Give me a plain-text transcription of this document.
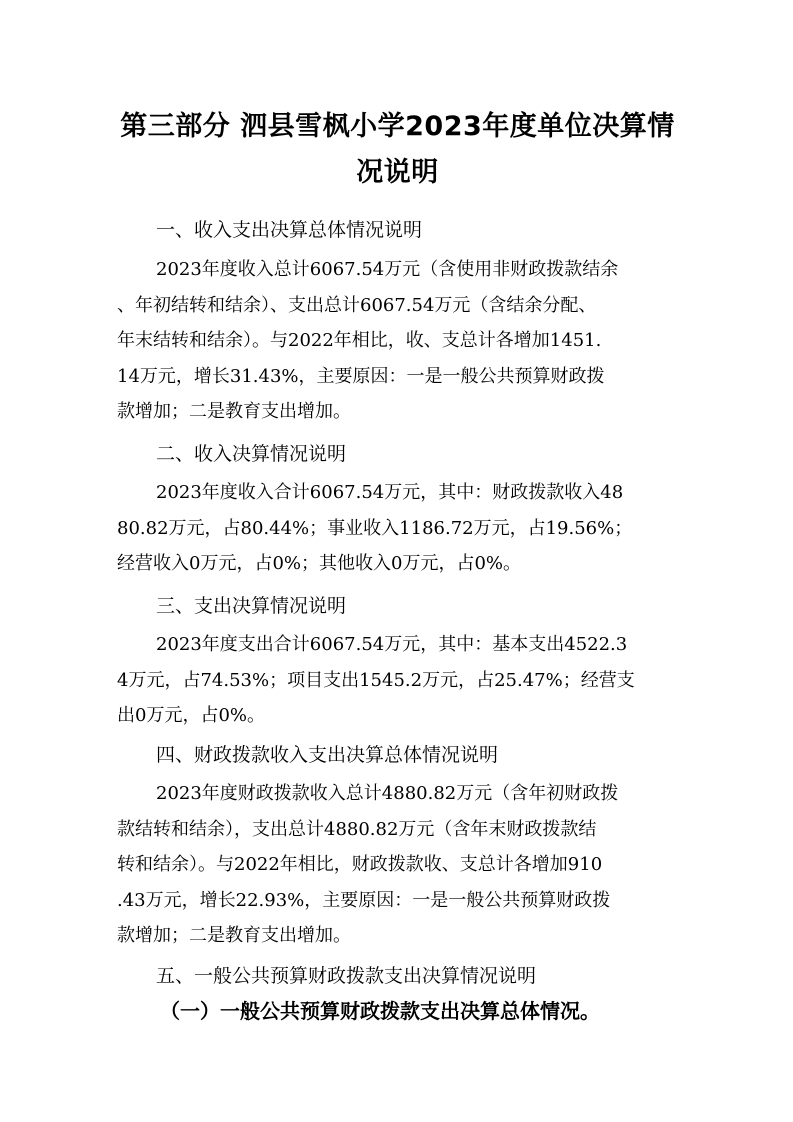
第三部分 泗县雪枫小学2023年度单位决算情
况说明
一、收入支出决算总体情况说明
2023年度收入总计6067.54万元（含使用非财政拨款结余
、年初结转和结余）、支出总计6067.54万元（含结余分配、
年末结转和结余）。与2022年相比，收、支总计各增加1451.
14万元，增长31.43%，主要原因：一是一般公共预算财政拨
款增加；二是教育支出增加。
二、收入决算情况说明
2023年度收入合计6067.54万元，其中：财政拨款收入48
80.82万元，占80.44%；事业收入1186.72万元，占19.56%；
经营收入0万元，占0%；其他收入0万元，占0%。
三、支出决算情况说明
2023年度支出合计6067.54万元，其中：基本支出4522.3
4万元，占74.53%；项目支出1545.2万元，占25.47%；经营支
出0万元，占0%。
四、财政拨款收入支出决算总体情况说明
2023年度财政拨款收入总计4880.82万元（含年初财政拨
款结转和结余），支出总计4880.82万元（含年末财政拨款结
转和结余）。与2022年相比，财政拨款收、支总计各增加910
.43万元，增长22.93%，主要原因：一是一般公共预算财政拨
款增加；二是教育支出增加。
五、一般公共预算财政拨款支出决算情况说明
（一）一般公共预算财政拨款支出决算总体情况。
